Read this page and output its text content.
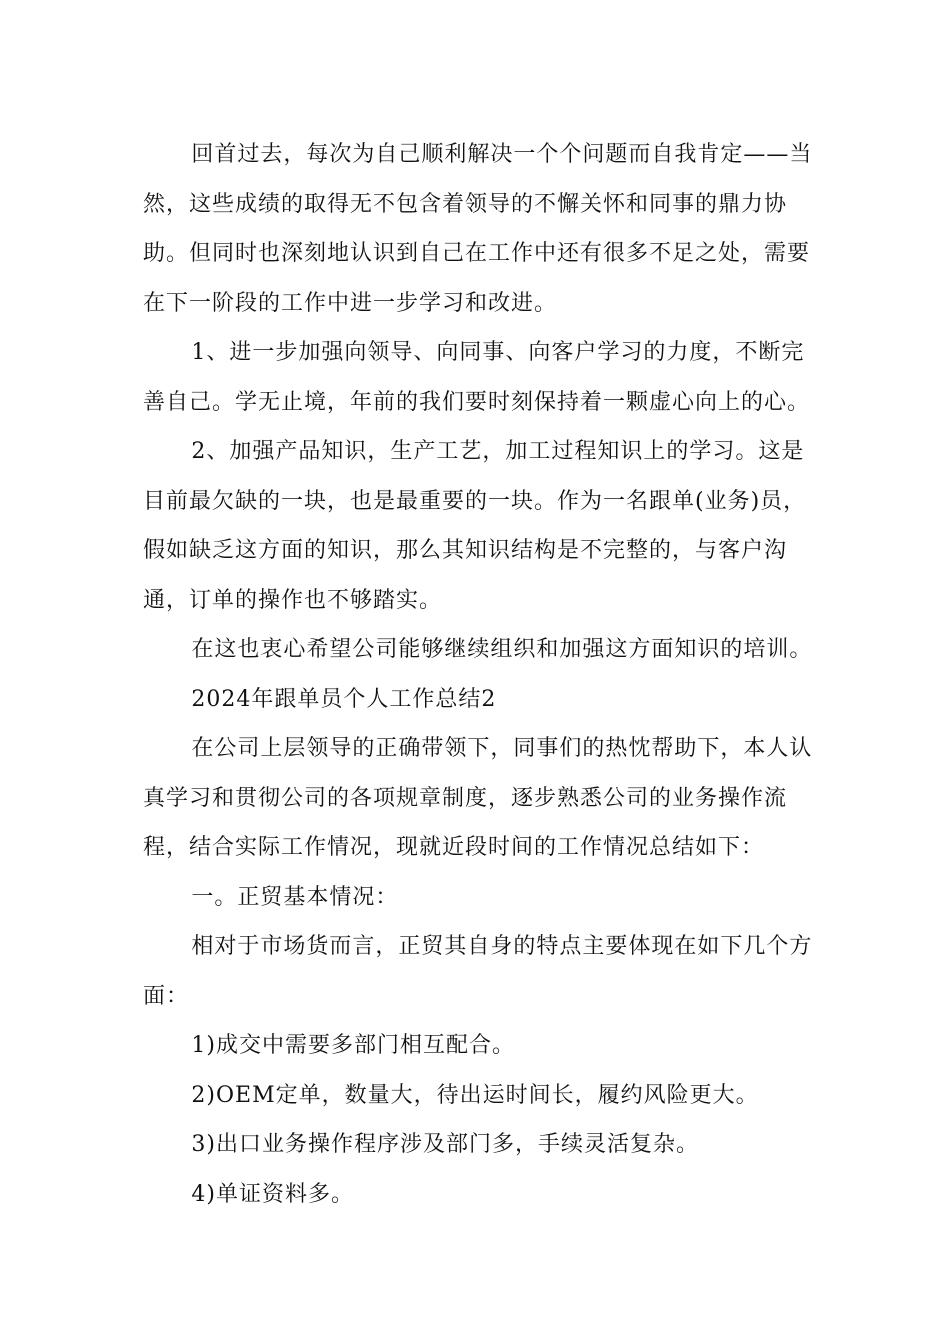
回首过去，每次为自己顺利解决一个个问题而自我肯定——当然，这些成绩的取得无不包含着领导的不懈关怀和同事的鼎力协助。但同时也深刻地认识到自己在工作中还有很多不足之处，需要在下一阶段的工作中进一步学习和改进。

1、进一步加强向领导、向同事、向客户学习的力度，不断完善自己。学无止境，年前的我们要时刻保持着一颗虚心向上的心。

2、加强产品知识，生产工艺，加工过程知识上的学习。这是目前最欠缺的一块，也是最重要的一块。作为一名跟单(业务)员，假如缺乏这方面的知识，那么其知识结构是不完整的，与客户沟通，订单的操作也不够踏实。

在这也衷心希望公司能够继续组织和加强这方面知识的培训。

2024年跟单员个人工作总结2

在公司上层领导的正确带领下，同事们的热忱帮助下，本人认真学习和贯彻公司的各项规章制度，逐步熟悉公司的业务操作流程，结合实际工作情况，现就近段时间的工作情况总结如下：

一。正贸基本情况：

相对于市场货而言，正贸其自身的特点主要体现在如下几个方面：

1)成交中需要多部门相互配合。

2)OEM定单，数量大，待出运时间长，履约风险更大。

3)出口业务操作程序涉及部门多，手续灵活复杂。

4)单证资料多。
